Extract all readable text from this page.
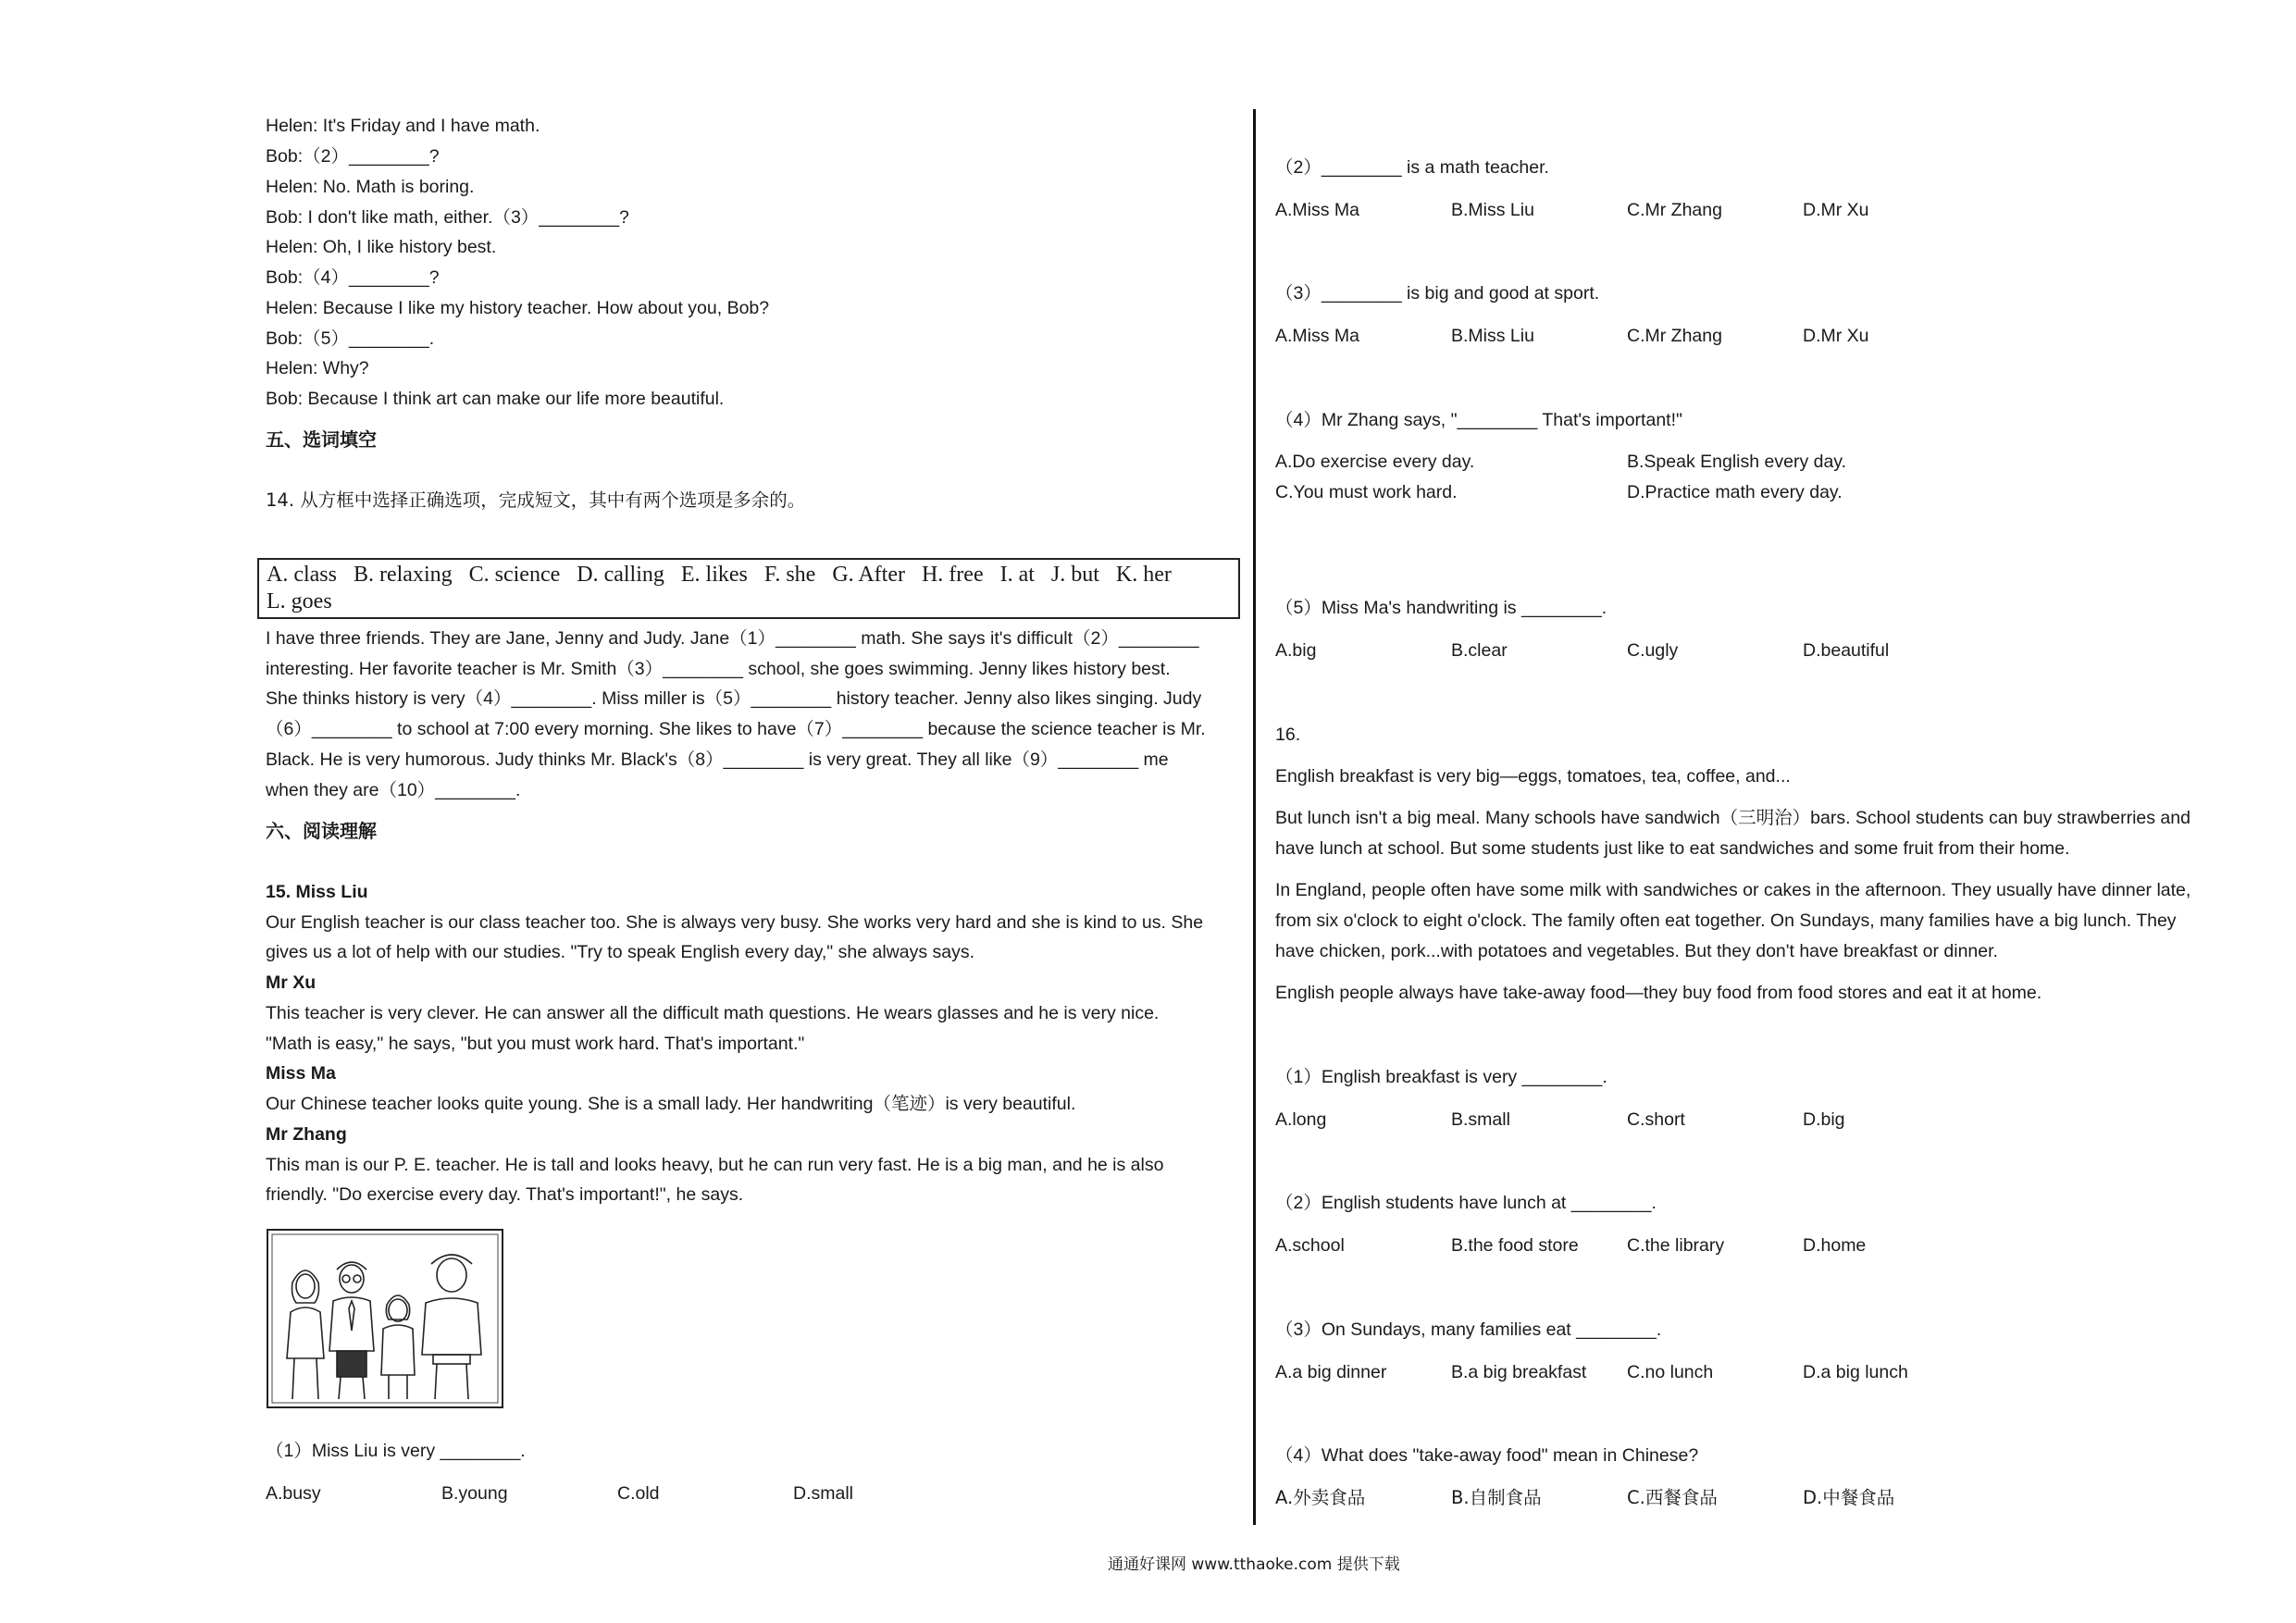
Helen: It's Friday and I have math.
Bob:（2）________?
Helen: No. Math is boring.
Bob: I don't like math, either.（3）________?
Helen: Oh, I like history best.
Bob:（4）________?
Helen: Because I like my history teacher. How about you, Bob?
Bob:（5）________.
Helen: Why?
Bob: Because I think art can make our life more beautiful.
五、选词填空
14. 从方框中选择正确选项，完成短文，其中有两个选项是多余的。
A. class B. relaxing C. science D. calling E. likes F. she G. After H. free I. at J. but K. her   L. goes
I have three friends. They are Jane, Jenny and Judy. Jane（1）________ math. She says it's difficult（2）________
interesting. Her favorite teacher is Mr. Smith（3）________ school, she goes swimming. Jenny likes history best.
She thinks history is very（4）________. Miss miller is（5）________ history teacher. Jenny also likes singing. Judy
（6）________ to school at 7:00 every morning. She likes to have（7）________ because the science teacher is Mr.
Black. He is very humorous. Judy thinks Mr. Black's（8）________ is very great. They all like（9）________ me
when they are（10）________.
六、阅读理解
15. Miss Liu
Our English teacher is our class teacher too. She is always very busy. She works very hard and she is kind to us. She
gives us a lot of help with our studies. "Try to speak English every day," she always says.
Mr Xu
This teacher is very clever. He can answer all the difficult math questions. He wears glasses and he is very nice.
"Math is easy," he says, "but you must work hard. That's important."
Miss Ma
Our Chinese teacher looks quite young. She is a small lady. Her handwriting（笔迹）is very beautiful.
Mr Zhang
This man is our P. E. teacher. He is tall and looks heavy, but he can run very fast. He is a big man, and he is also
friendly. "Do exercise every day. That's important!", he says.
（1）Miss Liu is very ________.
A.busy	B.young	C.old	D.small
（2）________ is a math teacher.
A.Miss Ma	B.Miss Liu	C.Mr Zhang	D.Mr Xu
（3）________ is big and good at sport.
A.Miss Ma	B.Miss Liu	C.Mr Zhang	D.Mr Xu
（4）Mr Zhang says, "________ That's important!"
A.Do exercise every day.	B.Speak English every day.
C.You must work hard.	D.Practice math every day.
（5）Miss Ma's handwriting is ________.
A.big	B.clear	C.ugly	D.beautiful
16.
English breakfast is very big—eggs, tomatoes, tea, coffee, and...
But lunch isn't a big meal. Many schools have sandwich（三明治）bars. School students can buy strawberries and
have lunch at school. But some students just like to eat sandwiches and some fruit from their home.
In England, people often have some milk with sandwiches or cakes in the afternoon. They usually have dinner late,
from six o'clock to eight o'clock. The family often eat together. On Sundays, many families have a big lunch. They
have chicken, pork...with potatoes and vegetables. But they don't have breakfast or dinner.
English people always have take-away food—they buy food from food stores and eat it at home.
（1）English breakfast is very ________.
A.long	B.small	C.short	D.big
（2）English students have lunch at ________.
A.school	B.the food store	C.the library	D.home
（3）On Sundays, many families eat ________.
A.a big dinner	B.a big breakfast	C.no lunch	D.a big lunch
（4）What does "take-away food" mean in Chinese?
A.外卖食品	B.自制食品	C.西餐食品	D.中餐食品
通通好课网 www.tthaoke.com 提供下载
